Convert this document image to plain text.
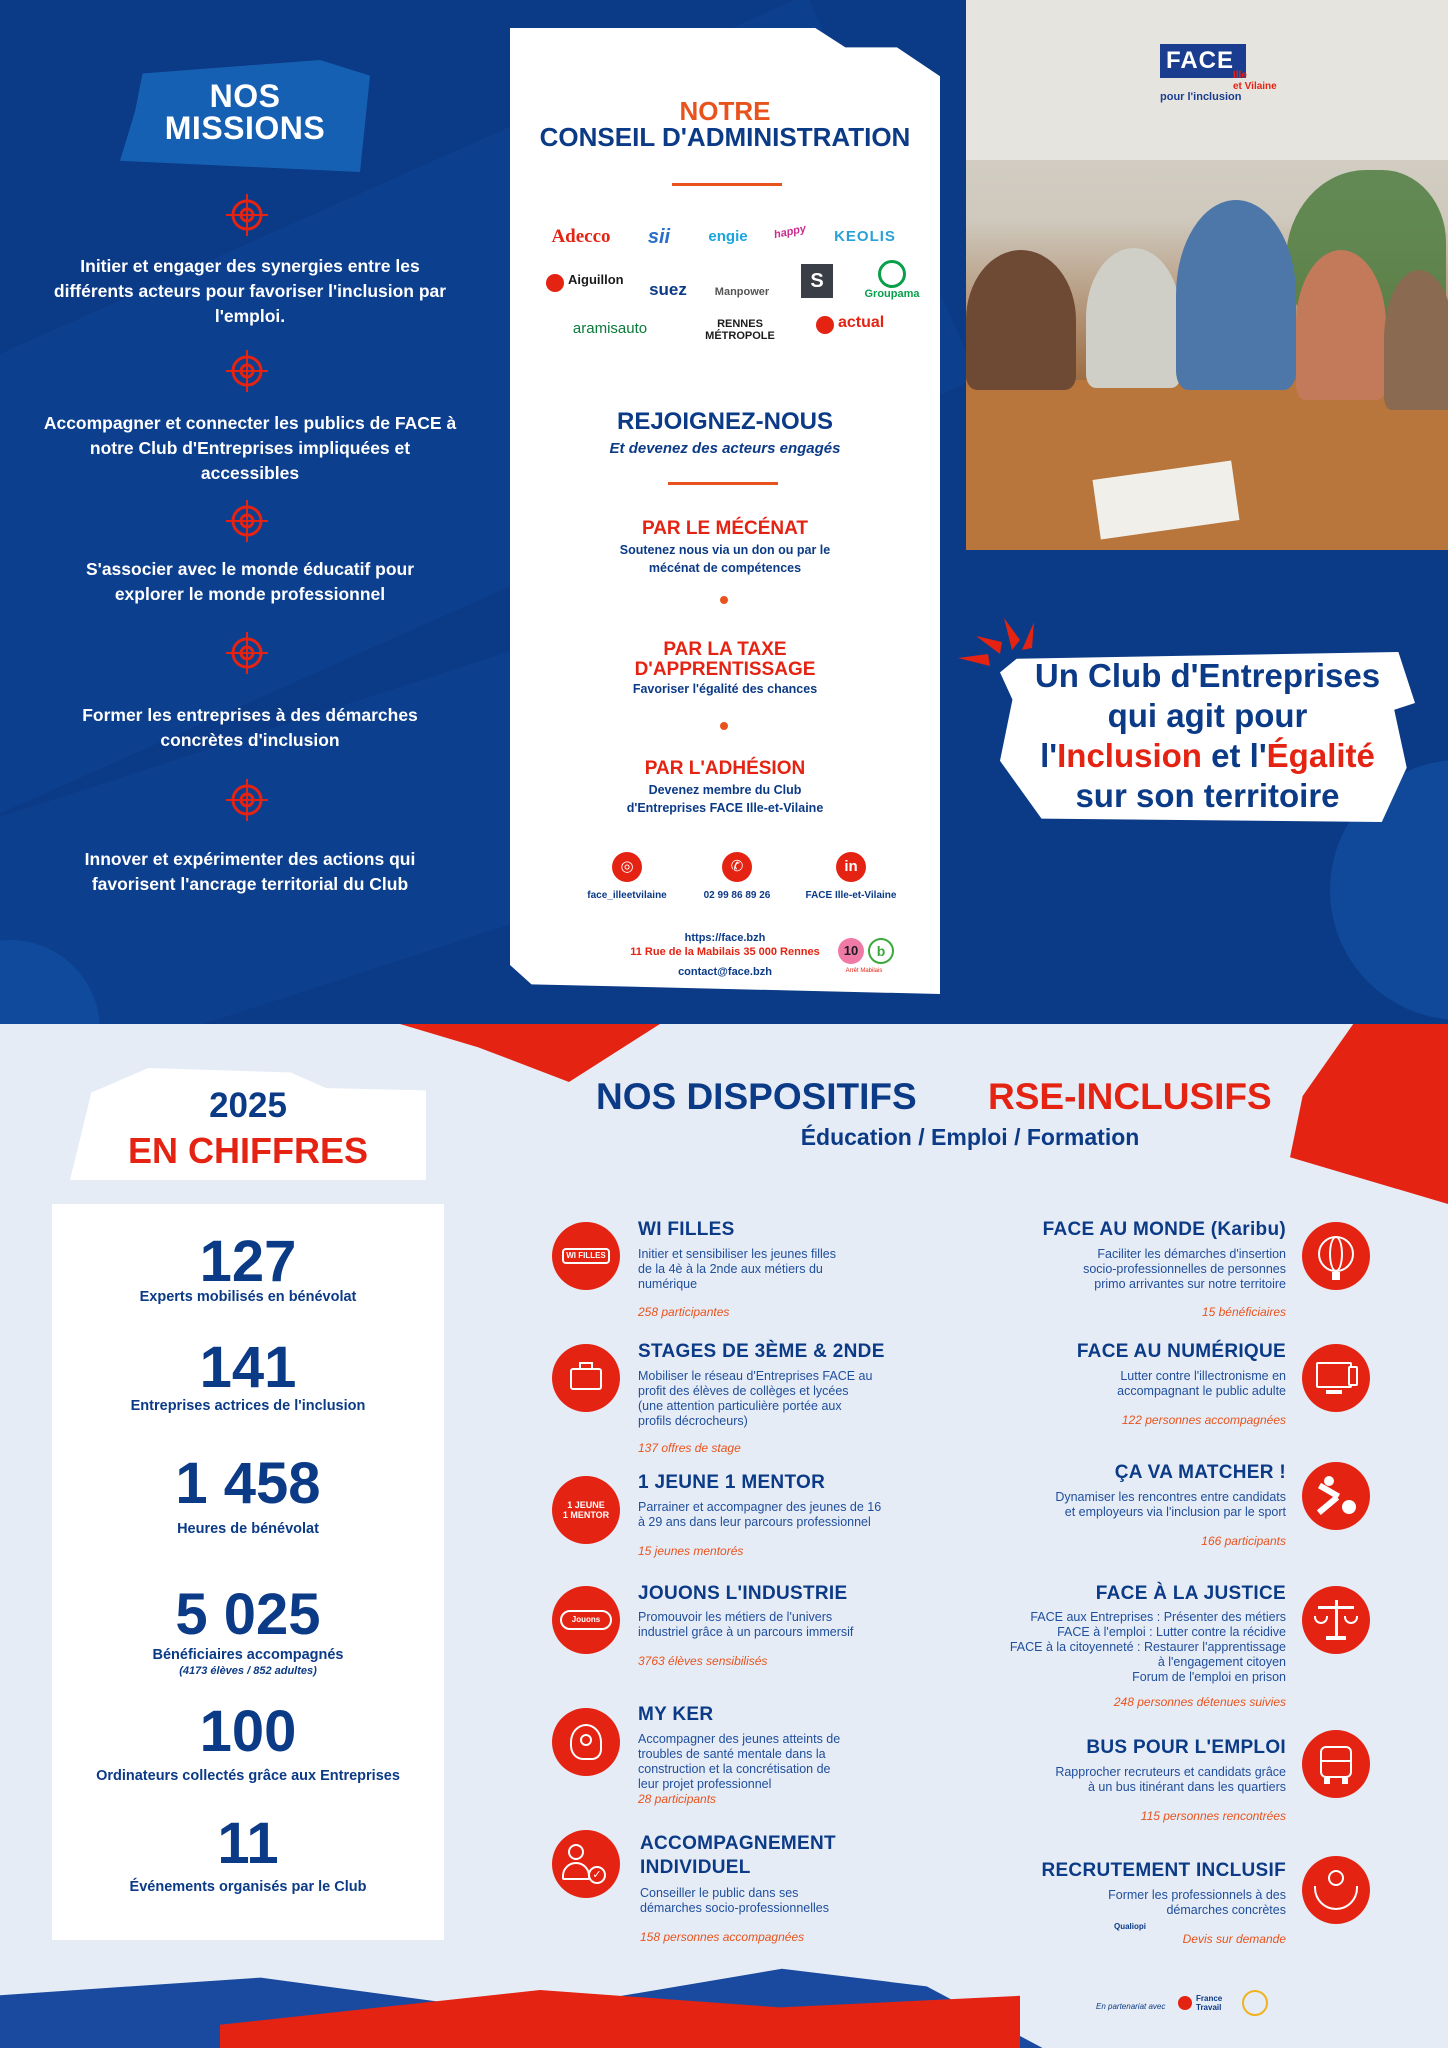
NOS
MISSIONS
Initier et engager des synergies entre les différents acteurs pour favoriser l'inclusion par l'emploi.
Accompagner et connecter les publics de FACE à notre Club d'Entreprises impliquées et accessibles
S'associer avec le monde éducatif pour explorer le monde professionnel
Former les entreprises à des démarches concrètes d'inclusion
Innover et expérimenter des actions qui favorisent l'ancrage territorial du Club
NOTRE
CONSEIL D'ADMINISTRATION
Adecco	sii	engie	happy	KEOLIS
Aiguillon
suez	Manpower	S
Groupama
aramisauto	RENNES MÉTROPOLE
actual
REJOIGNEZ-NOUS
Et devenez des acteurs engagés
PAR LE MÉCÉNAT
Soutenez nous via un don ou par le
mécénat de compétences
PAR LA TAXE
D'APPRENTISSAGE
Favoriser l'égalité des chances
PAR L'ADHÉSION
Devenez membre du Club
d'Entreprises FACE Ille-et-Vilaine
◎
face_illeetvilaine
✆
02 99 86 89 26
in
FACE Ille-et-Vilaine
https://face.bzh
11 Rue de la Mabilais 35 000 Rennes
contact@face.bzh
10	b
Arrêt Mabilais
FACE
Ille
et Vilaine
pour l'inclusion
Un Club d'Entreprises
qui agit pour
l'Inclusion et l'Égalité
sur son territoire
2025
EN CHIFFRES
127
Experts mobilisés en bénévolat
141
Entreprises actrices de l'inclusion
1 458
Heures de bénévolat
5 025
Bénéficiaires accompagnés
(4173 élèves / 852 adultes)
100
Ordinateurs collectés grâce aux Entreprises
11
Événements organisés par le Club
NOS DISPOSITIFS RSE-INCLUSIFS
Éducation / Emploi / Formation
WI FILLES
WI FILLES
Initier et sensibiliser les jeunes filles
de la 4è à la 2nde aux métiers du
numérique
258 participantes
STAGES DE 3ÈME & 2NDE
Mobiliser le réseau d'Entreprises FACE au
profit des élèves de collèges et lycées
(une attention particulière portée aux
profils décrocheurs)
137 offres de stage
1 JEUNE
1 MENTOR
1 JEUNE 1 MENTOR
Parrainer et accompagner des jeunes de 16
à 29 ans dans leur parcours professionnel
15 jeunes mentorés
Jouons
JOUONS L'INDUSTRIE
Promouvoir les métiers de l'univers
industriel grâce à un parcours immersif
3763 élèves sensibilisés
MY KER
Accompagner des jeunes atteints de
troubles de santé mentale dans la
construction et la concrétisation de
leur projet professionnel
28 participants
✓
ACCOMPAGNEMENT
INDIVIDUEL
Conseiller le public dans ses
démarches socio-professionnelles
158 personnes accompagnées
FACE AU MONDE (Karibu)
Faciliter les démarches d'insertion
socio-professionnelles de personnes
primo arrivantes sur notre territoire
15 bénéficiaires
FACE AU NUMÉRIQUE
Lutter contre l'illectronisme en
accompagnant le public adulte
122 personnes accompagnées
ÇA VA MATCHER !
Dynamiser les rencontres entre candidats
et employeurs via l'inclusion par le sport
166 participants
FACE À LA JUSTICE
FACE aux Entreprises : Présenter des métiers
FACE à l'emploi : Lutter contre la récidive
FACE à la citoyenneté : Restaurer l'apprentissage
à l'engagement citoyen
Forum de l'emploi en prison
248 personnes détenues suivies
BUS POUR L'EMPLOI
Rapprocher recruteurs et candidats grâce
à un bus itinérant dans les quartiers
115 personnes rencontrées
RECRUTEMENT INCLUSIF
Former les professionnels à des
démarches concrètes
Qualiopi
Devis sur demande
En partenariat avec
France
Travail
